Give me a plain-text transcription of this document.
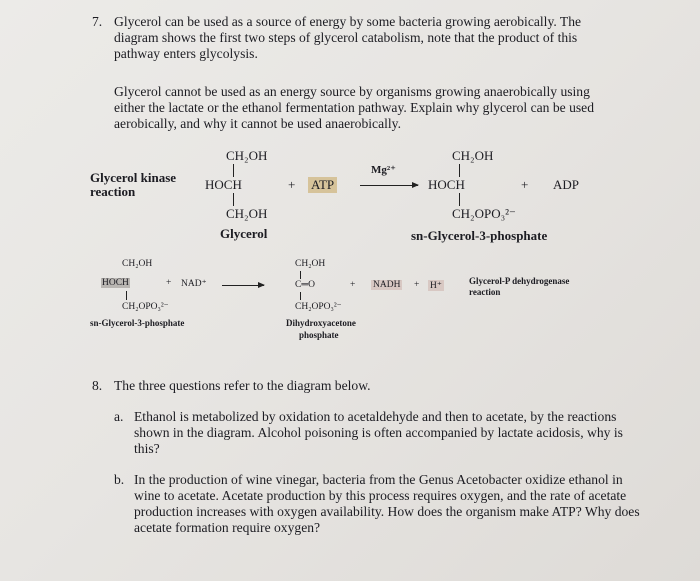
7. Glycerol can be used as a source of energy by some bacteria growing aerobically. The diagram shows the first two steps of glycerol catabolism, note that the product of this pathway enters glycolysis.
Glycerol cannot be used as an energy source by organisms growing anaerobically using either the lactate or the ethanol fermentation pathway. Explain why glycerol can be used aerobically, and why it cannot be used anaerobically.
Glycerol kinase
reaction
CH₂OH
HOCH
CH₂OH
Glycerol
+ ATP
Mg²⁺
CH₂OH
HOCH
CH₂OPO₃²⁻
sn-Glycerol-3-phosphate
+ ADP
CH₂OH
HOCH
CH₂OPO₃²⁻
sn-Glycerol-3-phosphate
+ NAD⁺ →
CH₂OH
C═O
CH₂OPO₃²⁻
Dihydroxyacetone
phosphate
+ NADH + H⁺	Glycerol-P dehydrogenase
reaction
8. The three questions refer to the diagram below.
a. Ethanol is metabolized by oxidation to acetaldehyde and then to acetate, by the reactions shown in the diagram. Alcohol poisoning is often accompanied by lactate acidosis, why is this?
b. In the production of wine vinegar, bacteria from the Genus Acetobacter oxidize ethanol in wine to acetate. Acetate production by this process requires oxygen, and the rate of acetate production increases with oxygen availability. How does the organism make ATP? Why does acetate formation require oxygen?
